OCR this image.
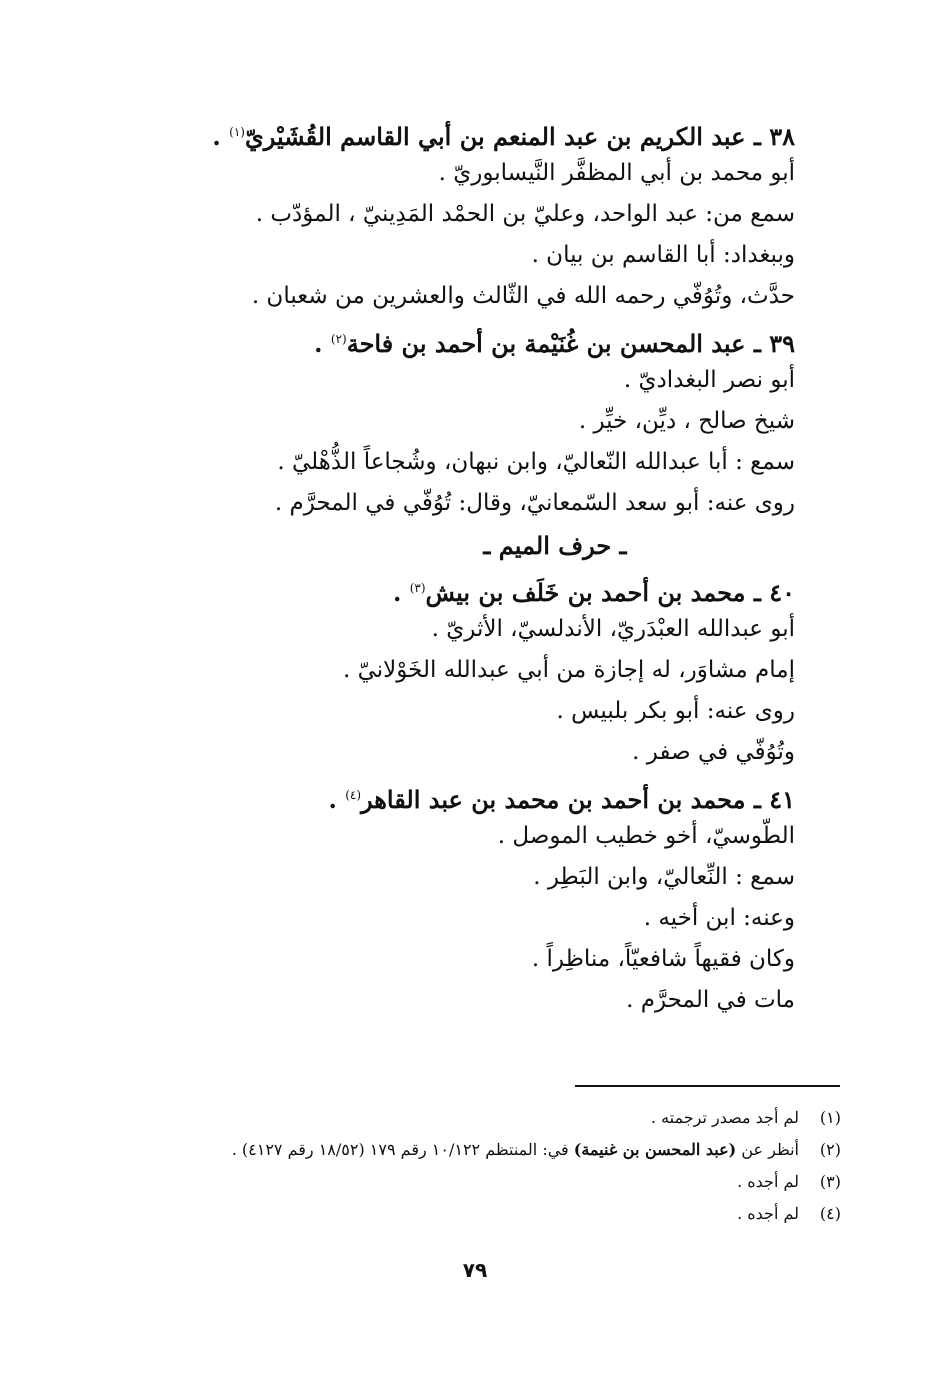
٣٨ ـ عبد الكريم بن عبد المنعم بن أبي القاسم القُشَيْريّ$^{(١)}$ .
أبو محمد بن أبي المظفَّر النَّيسابوريّ .
سمع من: عبد الواحد، وعليّ بن الحمْد المَدِينيّ ، المؤدّب .
وببغداد: أبا القاسم بن بيان .
حدَّث، وتُوُفّي رحمه الله في الثّالث والعشرين من شعبان .
٣٩ ـ عبد المحسن بن غُنَيْمة بن أحمد بن فاحة$^{(٢)}$ .
أبو نصر البغداديّ .
شيخ صالح ، ديِّن، خيِّر .
سمع : أبا عبدالله النّعاليّ، وابن نبهان، وشُجاعاً الذُّهْليّ .
روى عنه: أبو سعد السّمعانيّ، وقال: تُوُفّي في المحرَّم .
ـ حرف الميم ـ
٤٠ ـ محمد بن أحمد بن خَلَف بن بيش$^{(٣)}$ .
أبو عبدالله العبْدَريّ، الأندلسيّ، الأثريّ .
إمام مشاوَر، له إجازة من أبي عبدالله الخَوْلانيّ .
روى عنه: أبو بكر بلبيس .
وتُوُفّي في صفر .
٤١ ـ محمد بن أحمد بن محمد بن عبد القاهر$^{(٤)}$ .
الطّوسيّ، أخو خطيب الموصل .
سمع : النِّعاليّ، وابن البَطِر .
وعنه: ابن أخيه .
وكان فقيهاً شافعيّاً، مناظِراً .
مات في المحرَّم .
(١)
لم أجد مصدر ترجمته .
(٢)
أنظر عن (عبد المحسن بن غنيمة) في: المنتظم ١٠/١٢٢ رقم ١٧٩ (١٨/٥٢ رقم ٤١٢٧) .
(٣)
لم أجده .
(٤)
لم أجده .
٧٩
